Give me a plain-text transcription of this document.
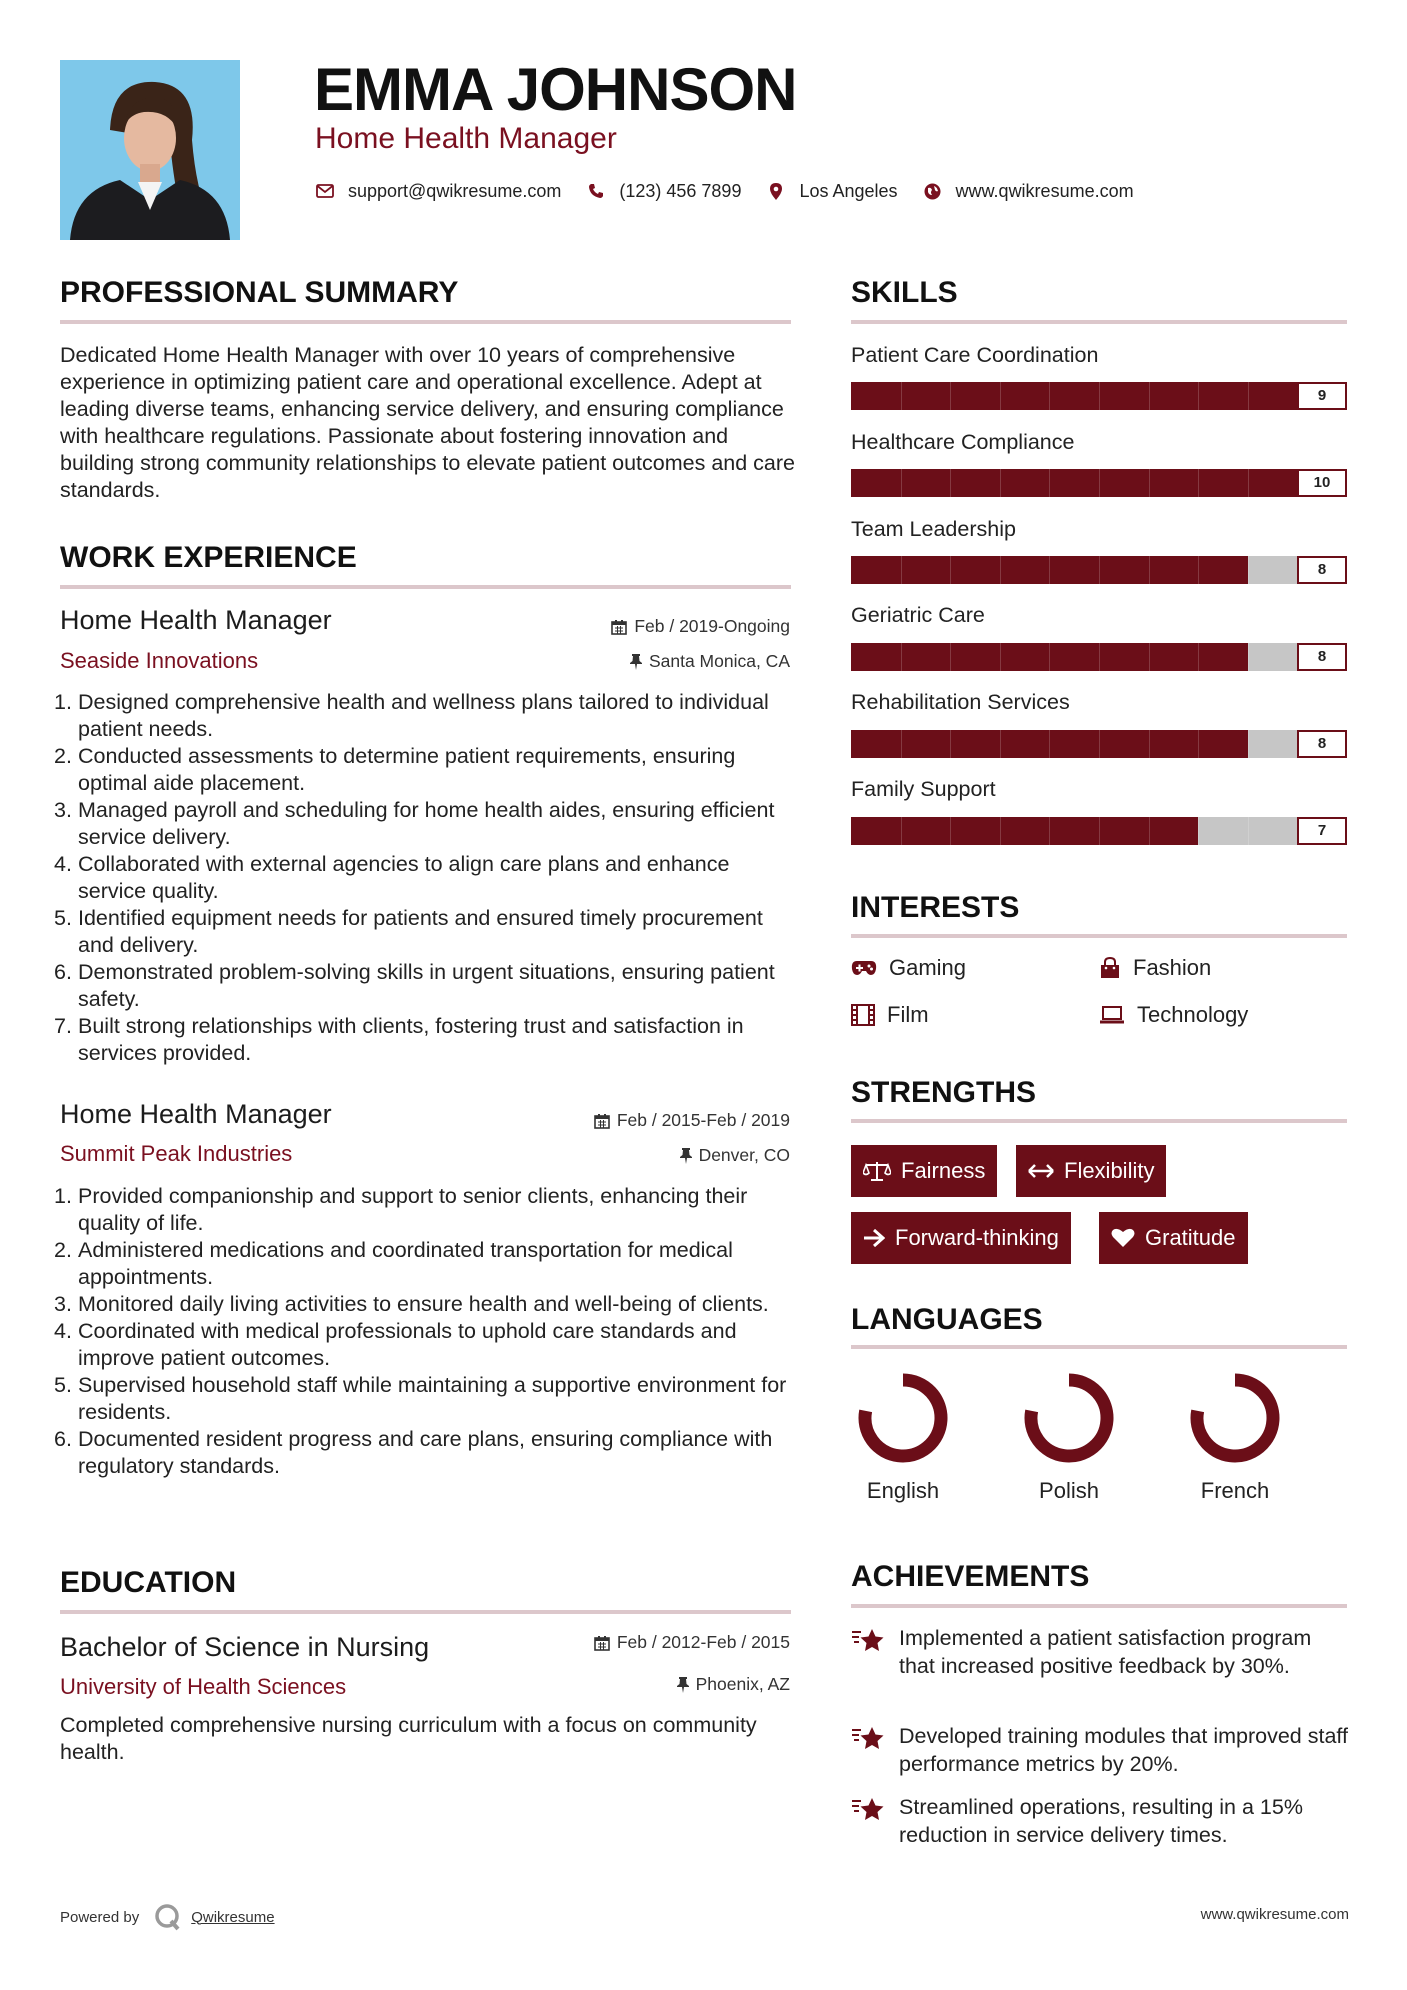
EMMA JOHNSON
Home Health Manager
support@qwikresume.com	(123) 456 7899	Los Angeles	www.qwikresume.com
PROFESSIONAL SUMMARY
Dedicated Home Health Manager with over 10 years of comprehensive experience in optimizing patient care and operational excellence. Adept at leading diverse teams, enhancing service delivery, and ensuring compliance with healthcare regulations. Passionate about fostering innovation and building strong community relationships to elevate patient outcomes and care standards.
WORK EXPERIENCE
Home Health Manager	Feb / 2019-Ongoing
Seaside Innovations	Santa Monica, CA
1. Designed comprehensive health and wellness plans tailored to individual patient needs.
2. Conducted assessments to determine patient requirements, ensuring optimal aide placement.
3. Managed payroll and scheduling for home health aides, ensuring efficient service delivery.
4. Collaborated with external agencies to align care plans and enhance service quality.
5. Identified equipment needs for patients and ensured timely procurement and delivery.
6. Demonstrated problem-solving skills in urgent situations, ensuring patient safety.
7. Built strong relationships with clients, fostering trust and satisfaction in services provided.
Home Health Manager	Feb / 2015-Feb / 2019
Summit Peak Industries	Denver, CO
1. Provided companionship and support to senior clients, enhancing their quality of life.
2. Administered medications and coordinated transportation for medical appointments.
3. Monitored daily living activities to ensure health and well-being of clients.
4. Coordinated with medical professionals to uphold care standards and improve patient outcomes.
5. Supervised household staff while maintaining a supportive environment for residents.
6. Documented resident progress and care plans, ensuring compliance with regulatory standards.
EDUCATION
Bachelor of Science in Nursing	Feb / 2012-Feb / 2015
University of Health Sciences	Phoenix, AZ
Completed comprehensive nursing curriculum with a focus on community health.
SKILLS
Patient Care Coordination
9
Healthcare Compliance
10
Team Leadership
8
Geriatric Care
8
Rehabilitation Services
8
Family Support
7
INTERESTS
Gaming	Fashion
Film	Technology
STRENGTHS
Fairness	Flexibility
Forward-thinking	Gratitude
LANGUAGES
English	Polish	French
ACHIEVEMENTS
Implemented a patient satisfaction program that increased positive feedback by 30%.
Developed training modules that improved staff performance metrics by 20%.
Streamlined operations, resulting in a 15% reduction in service delivery times.
Powered by	Qwikresume	www.qwikresume.com
